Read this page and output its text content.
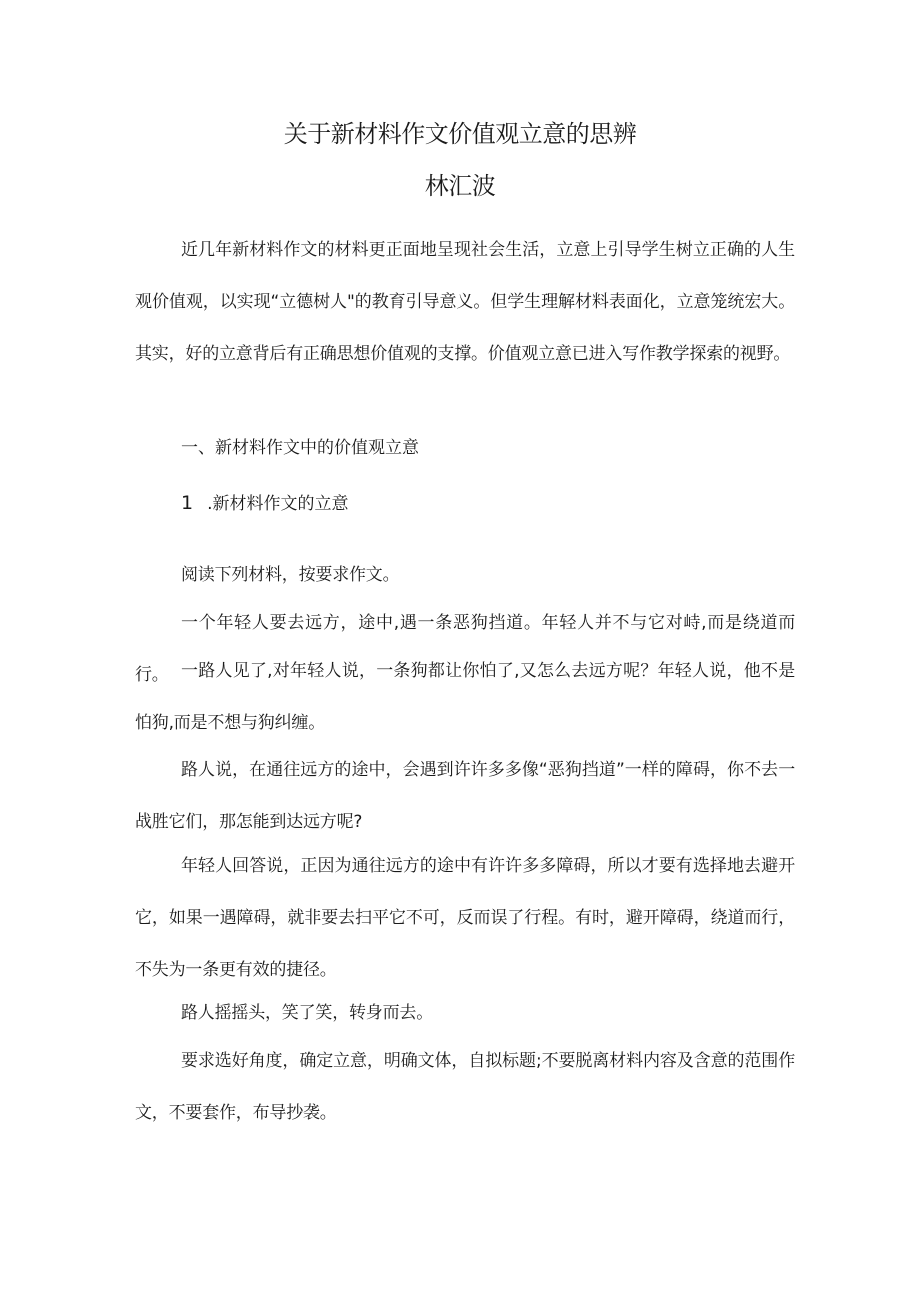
关于新材料作文价值观立意的思辨
林汇波

近几年新材料作文的材料更正面地呈现社会生活，立意上引导学生树立正确的人生观价值观，以实现“立德树人"的教育引导意义。但学生理解材料表面化，立意笼统宏大。其实，好的立意背后有正确思想价值观的支撑。价值观立意已进入写作教学探索的视野。

一、新材料作文中的价值观立意

1 .新材料作文的立意

阅读下列材料，按要求作文。

一个年轻人要去远方，途中,遇一条恶狗挡道。年轻人并不与它对峙,而是绕道而行。 一路人见了,对年轻人说，一条狗都让你怕了,又怎么去远方呢？年轻人说，他不是怕狗,而是不想与狗纠缠。

路人说，在通往远方的途中，会遇到许许多多像“恶狗挡道”一样的障碍，你不去一战胜它们，那怎能到达远方呢?

年轻人回答说，正因为通往远方的途中有许许多多障碍，所以才要有选择地去避开它，如果一遇障碍，就非要去扫平它不可，反而误了行程。有时，避开障碍，绕道而行，不失为一条更有效的捷径。

路人摇摇头，笑了笑，转身而去。

要求选好角度，确定立意，明确文体，自拟标题;不要脱离材料内容及含意的范围作文，不要套作，布导抄袭。
